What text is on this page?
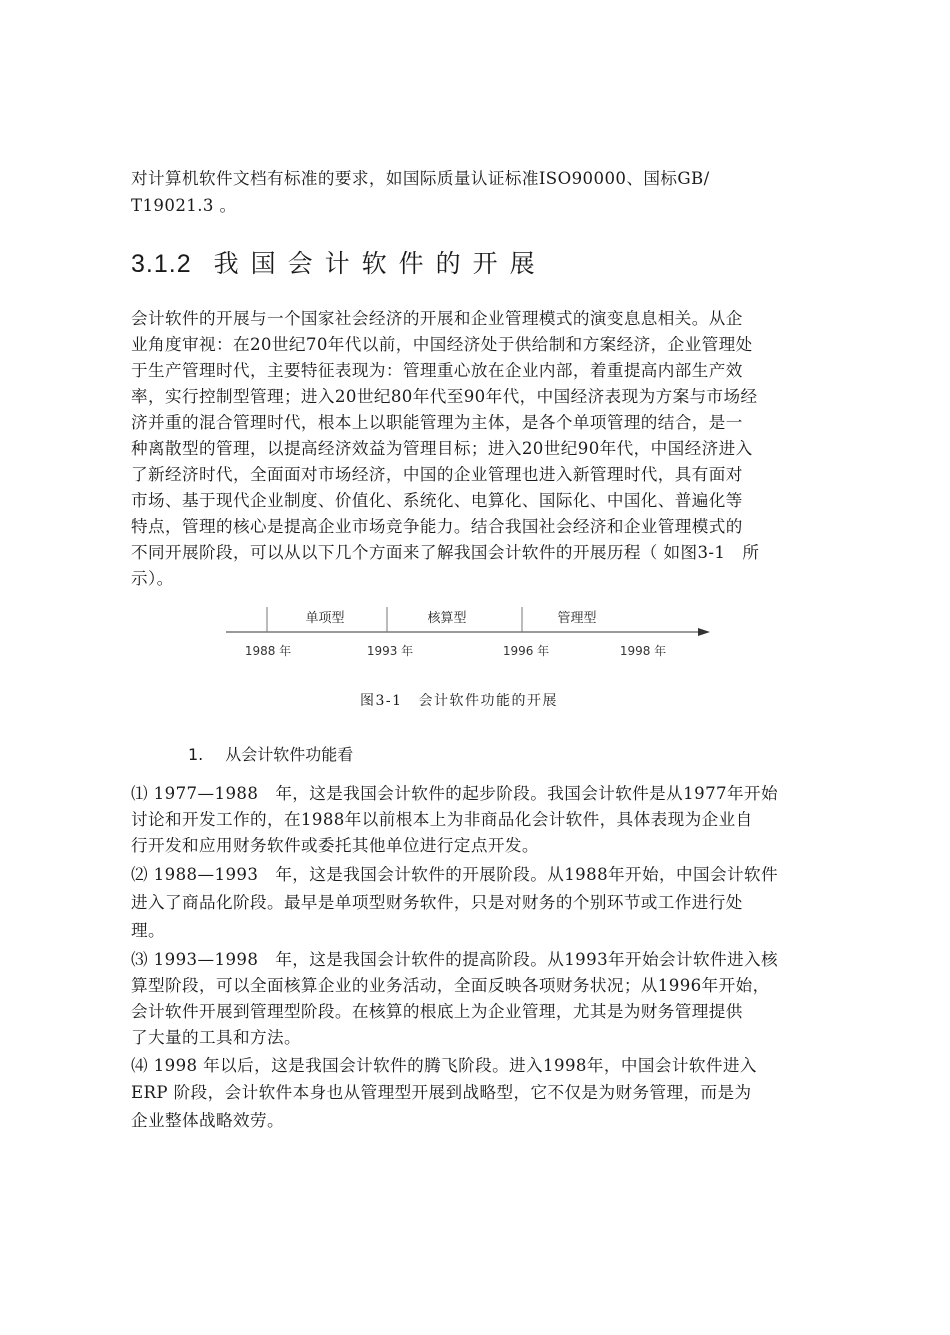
对计算机软件文档有标准的要求，如国际质量认证标准ISO90000、国标GB/
T19021.3 。
3.1.2 我国会计软件的开展
会计软件的开展与一个国家社会经济的开展和企业管理模式的演变息息相关。从企
业角度审视：在20世纪70年代以前，中国经济处于供给制和方案经济，企业管理处
于生产管理时代，主要特征表现为：管理重心放在企业内部，着重提高内部生产效
率，实行控制型管理；进入20世纪80年代至90年代，中国经济表现为方案与市场经
济并重的混合管理时代，根本上以职能管理为主体，是各个单项管理的结合，是一
种离散型的管理，以提高经济效益为管理目标；进入20世纪90年代，中国经济进入
了新经济时代，全面面对市场经济，中国的企业管理也进入新管理时代，具有面对
市场、基于现代企业制度、价值化、系统化、电算化、国际化、中国化、普遍化等
特点，管理的核心是提高企业市场竞争能力。结合我国社会经济和企业管理模式的
不同开展阶段，可以从以下几个方面来了解我国会计软件的开展历程（ 如图3-1　所
示）。
单项型	核算型	管理型
1988 年	1993 年	1996 年	1998 年
图3-1 会计软件功能的开展
1. 从会计软件功能看
⑴ 1977—1988　年，这是我国会计软件的起步阶段。我国会计软件是从1977年开始
讨论和开发工作的，在1988年以前根本上为非商品化会计软件，具体表现为企业自
行开发和应用财务软件或委托其他单位进行定点开发。
⑵ 1988—1993　年，这是我国会计软件的开展阶段。从1988年开始，中国会计软件
进入了商品化阶段。最早是单项型财务软件，只是对财务的个别环节或工作进行处
理。
⑶ 1993—1998　年，这是我国会计软件的提高阶段。从1993年开始会计软件进入核
算型阶段，可以全面核算企业的业务活动，全面反映各项财务状况；从1996年开始，
会计软件开展到管理型阶段。在核算的根底上为企业管理，尤其是为财务管理提供
了大量的工具和方法。
⑷ 1998 年以后，这是我国会计软件的腾飞阶段。进入1998年，中国会计软件进入
ERP 阶段，会计软件本身也从管理型开展到战略型，它不仅是为财务管理，而是为
企业整体战略效劳。
